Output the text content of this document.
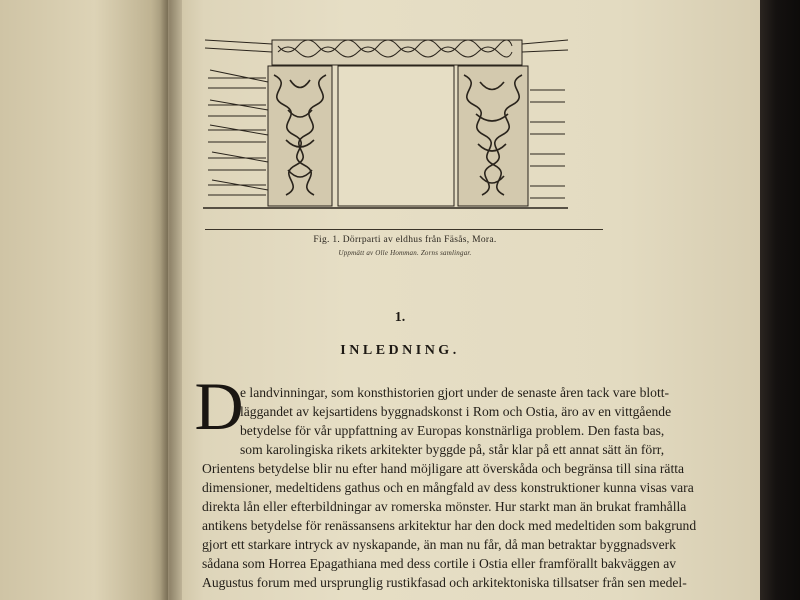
Fig. 1. Dörrparti av eldhus från Fäsås, Mora.
Uppmätt av Olle Homman. Zorns samlingar.
1.
INLEDNING.
D
e landvinningar, som konsthistorien gjort under de senaste åren tack vare blott-
läggandet av kejsartidens byggnadskonst i Rom och Ostia, äro av en vittgående
betydelse för vår uppfattning av Europas konstnärliga problem. Den fasta bas,
som karolingiska rikets arkitekter byggde på, står klar på ett annat sätt än förr,
Orientens betydelse blir nu efter hand möjligare att överskåda och begränsa till sina rätta
dimensioner, medeltidens gathus och en mångfald av dess konstruktioner kunna visas vara
direkta lån eller efterbildningar av romerska mönster. Hur starkt man än brukat framhålla
antikens betydelse för renässansens arkitektur har den dock med medeltiden som bakgrund
gjort ett starkare intryck av nyskapande, än man nu får, då man betraktar byggnadsverk
sådana som Horrea Epagathiana med dess cortile i Ostia eller framförallt bakväggen av
Augustus forum med ursprunglig rustikfasad och arkitektoniska tillsatser från sen medel-
